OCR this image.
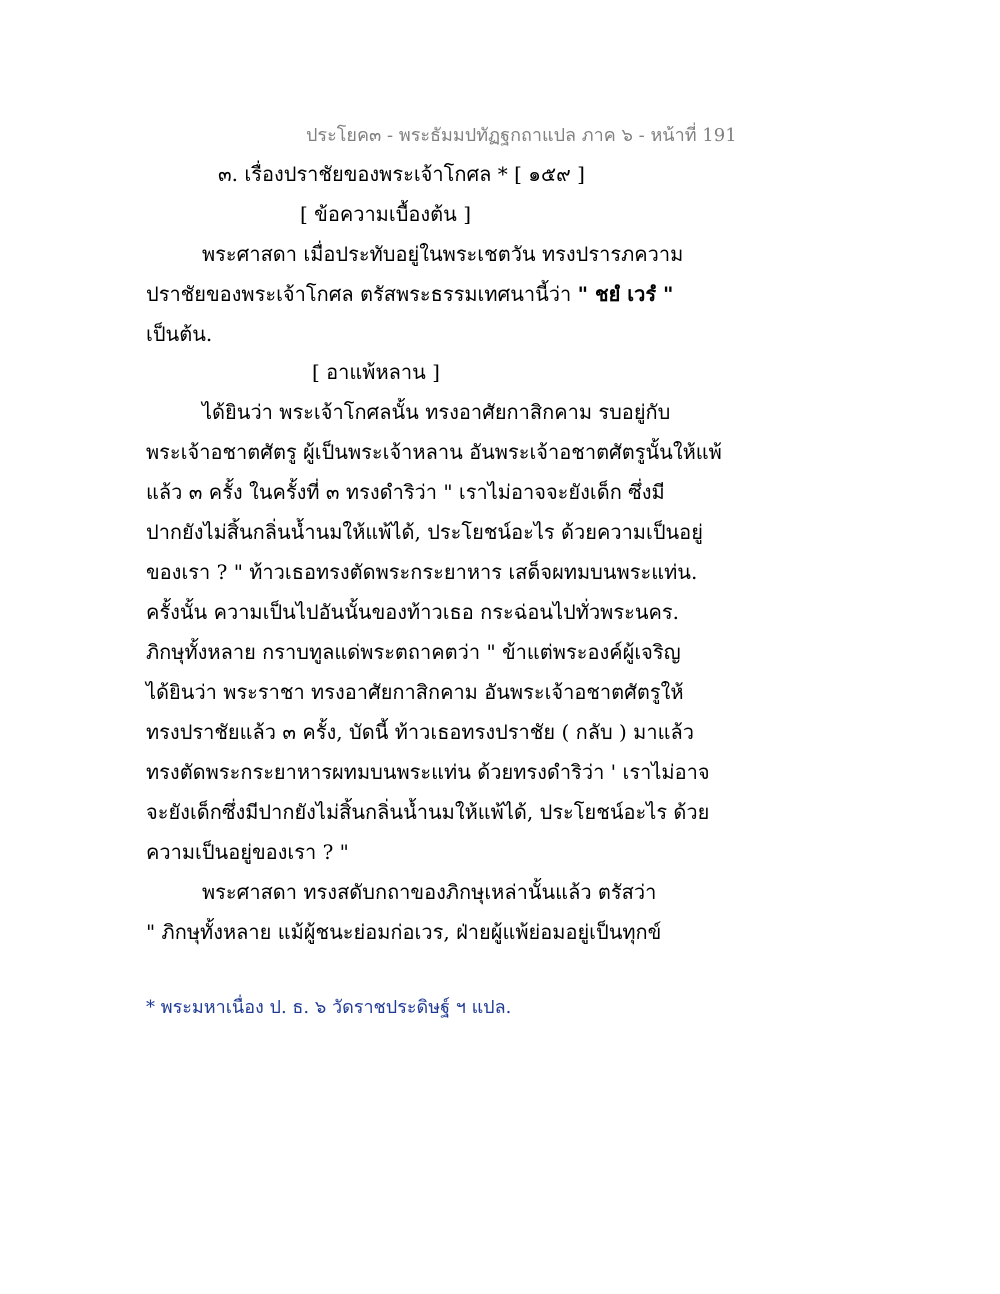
ประโยค๓ - พระธัมมปทัฏฐกถาแปล ภาค ๖ - หน้าที่ 191
๓. เรื่องปราชัยของพระเจ้าโกศล * [ ๑๕๙ ]
[ ข้อความเบื้องต้น ]
พระศาสดา เมื่อประทับอยู่ในพระเชตวัน ทรงปรารภความ
ปราชัยของพระเจ้าโกศล ตรัสพระธรรมเทศนานี้ว่า " ชยํ เวรํ "
เป็นต้น.
[ อาแพ้หลาน ]
ได้ยินว่า พระเจ้าโกศลนั้น ทรงอาศัยกาสิกคาม รบอยู่กับ
พระเจ้าอชาตศัตรู ผู้เป็นพระเจ้าหลาน อันพระเจ้าอชาตศัตรูนั้นให้แพ้
แล้ว ๓ ครั้ง ในครั้งที่ ๓ ทรงดำริว่า " เราไม่อาจจะยังเด็ก ซึ่งมี
ปากยังไม่สิ้นกลิ่นน้ำนมให้แพ้ได้, ประโยชน์อะไร ด้วยความเป็นอยู่
ของเรา ? " ท้าวเธอทรงตัดพระกระยาหาร เสด็จผทมบนพระแท่น.
ครั้งนั้น ความเป็นไปอันนั้นของท้าวเธอ กระฉ่อนไปทั่วพระนคร.
ภิกษุทั้งหลาย กราบทูลแด่พระตถาคตว่า " ข้าแต่พระองค์ผู้เจริญ
ได้ยินว่า พระราชา ทรงอาศัยกาสิกคาม อันพระเจ้าอชาตศัตรูให้
ทรงปราชัยแล้ว ๓ ครั้ง, บัดนี้ ท้าวเธอทรงปราชัย ( กลับ ) มาแล้ว
ทรงตัดพระกระยาหารผทมบนพระแท่น ด้วยทรงดำริว่า ' เราไม่อาจ
จะยังเด็กซึ่งมีปากยังไม่สิ้นกลิ่นน้ำนมให้แพ้ได้, ประโยชน์อะไร ด้วย
ความเป็นอยู่ของเรา ? "
พระศาสดา ทรงสดับกถาของภิกษุเหล่านั้นแล้ว ตรัสว่า
" ภิกษุทั้งหลาย แม้ผู้ชนะย่อมก่อเวร, ฝ่ายผู้แพ้ย่อมอยู่เป็นทุกข์
* พระมหาเนื่อง ป. ธ. ๖ วัดราชประดิษฐ์ ฯ แปล.
